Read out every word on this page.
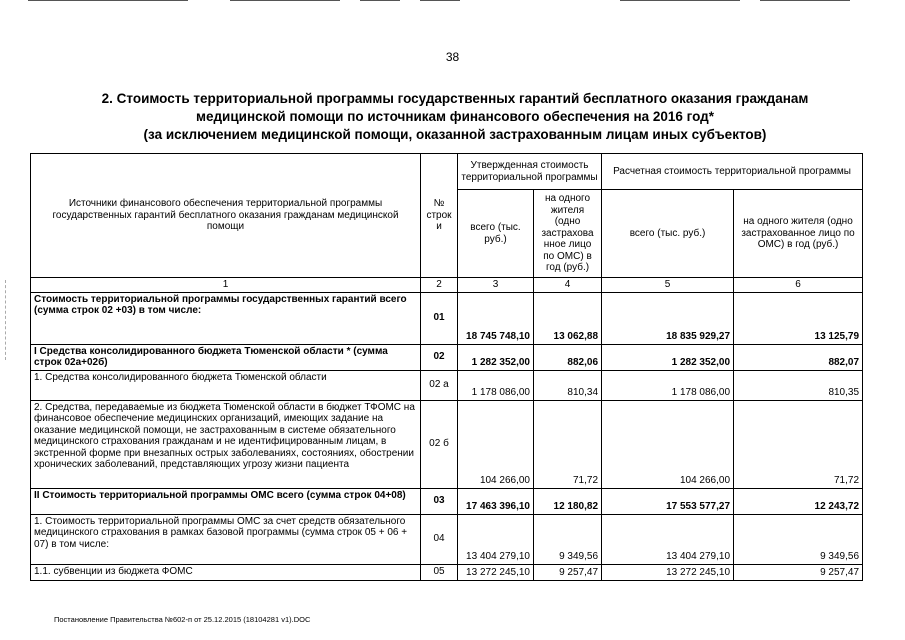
38
2. Стоимость территориальной программы государственных гарантий бесплатного оказания гражданам
медицинской помощи по источникам финансового обеспечения на 2016 год*
(за исключением медицинской помощи, оказанной застрахованным лицам иных субъектов)
Источники финансового обеспечения территориальной программы государственных гарантий бесплатного оказания гражданам медицинской помощи	№ строк и	Утвержденная стоимость территориальной программы		Расчетная стоимость территориальной программы	
		всего (тыс. руб.)	на одного жителя (одно застрахова нное лицо по ОМС) в год (руб.)	всего (тыс. руб.)	на одного жителя (одно застрахованное лицо по ОМС) в год (руб.)
1	2	3	4	5	6
Стоимость территориальной программы государственных гарантий всего (сумма строк 02 +03) в том числе:	01	18 745 748,10	13 062,88	18 835 929,27	13 125,79
I Средства консолидированного бюджета Тюменской области * (сумма строк 02а+02б)	02	1 282 352,00	882,06	1 282 352,00	882,07
1. Средства консолидированного бюджета Тюменской области	02 а	1 178 086,00	810,34	1 178 086,00	810,35
2. Средства, передаваемые из бюджета Тюменской области в бюджет ТФОМС на финансовое обеспечение медицинских организаций, имеющих задание на оказание медицинской помощи, не застрахованным в системе обязательного медицинского страхования гражданам и не идентифицированным лицам, в экстренной форме при внезапных острых заболеваниях, состояниях, обострении хронических заболеваний, представляющих угрозу жизни пациента	02 б	104 266,00	71,72	104 266,00	71,72
II Стоимость территориальной программы ОМС всего (сумма строк 04+08)	03	17 463 396,10	12 180,82	17 553 577,27	12 243,72
1. Стоимость территориальной программы ОМС за счет средств обязательного медицинского страхования в рамках базовой программы (сумма строк 05 + 06 + 07) в том числе:	04	13 404 279,10	9 349,56	13 404 279,10	9 349,56
1.1. субвенции из бюджета ФОМС	05	13 272 245,10	9 257,47	13 272 245,10	9 257,47
Постановление Правительства №602-п от 25.12.2015 (18104281 v1).DOC
